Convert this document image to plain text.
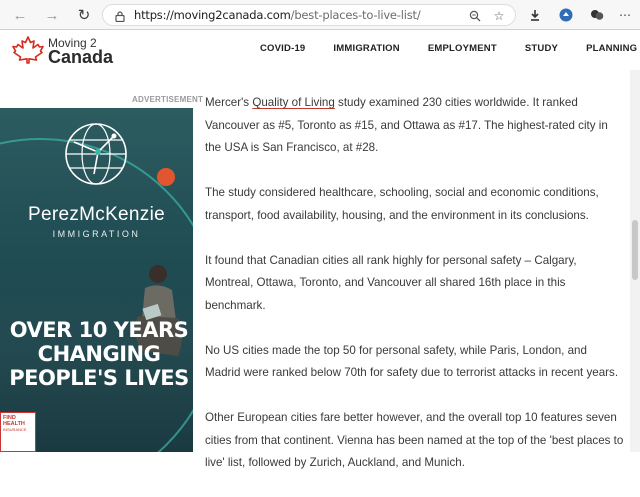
← → ↻	https://moving2canada.com/best-places-to-live-list/	☆	⋯
Moving 2
Canada	COVID-19	IMMIGRATION	EMPLOYMENT	STUDY	PLANNING
ADVERTISEMENT
PerezMcKenzie
IMMIGRATION
OVER 10 YEARS
CHANGING
PEOPLE'S LIVES
FIND
HEALTH
INSURANCE

Mercer's Quality of Living study examined 230 cities worldwide. It ranked Vancouver as #5, Toronto as #15, and Ottawa as #17. The highest-rated city in the USA is San Francisco, at #28.

The study considered healthcare, schooling, social and economic conditions, transport, food availability, housing, and the environment in its conclusions.

It found that Canadian cities all rank highly for personal safety – Calgary, Montreal, Ottawa, Toronto, and Vancouver all shared 16th place in this benchmark.

No US cities made the top 50 for personal safety, while Paris, London, and Madrid were ranked below 70th for safety due to terrorist attacks in recent years.

Other European cities fare better however, and the overall top 10 features seven cities from that continent. Vienna has been named at the top of the 'best places to live' list, followed by Zurich, Auckland, and Munich.
